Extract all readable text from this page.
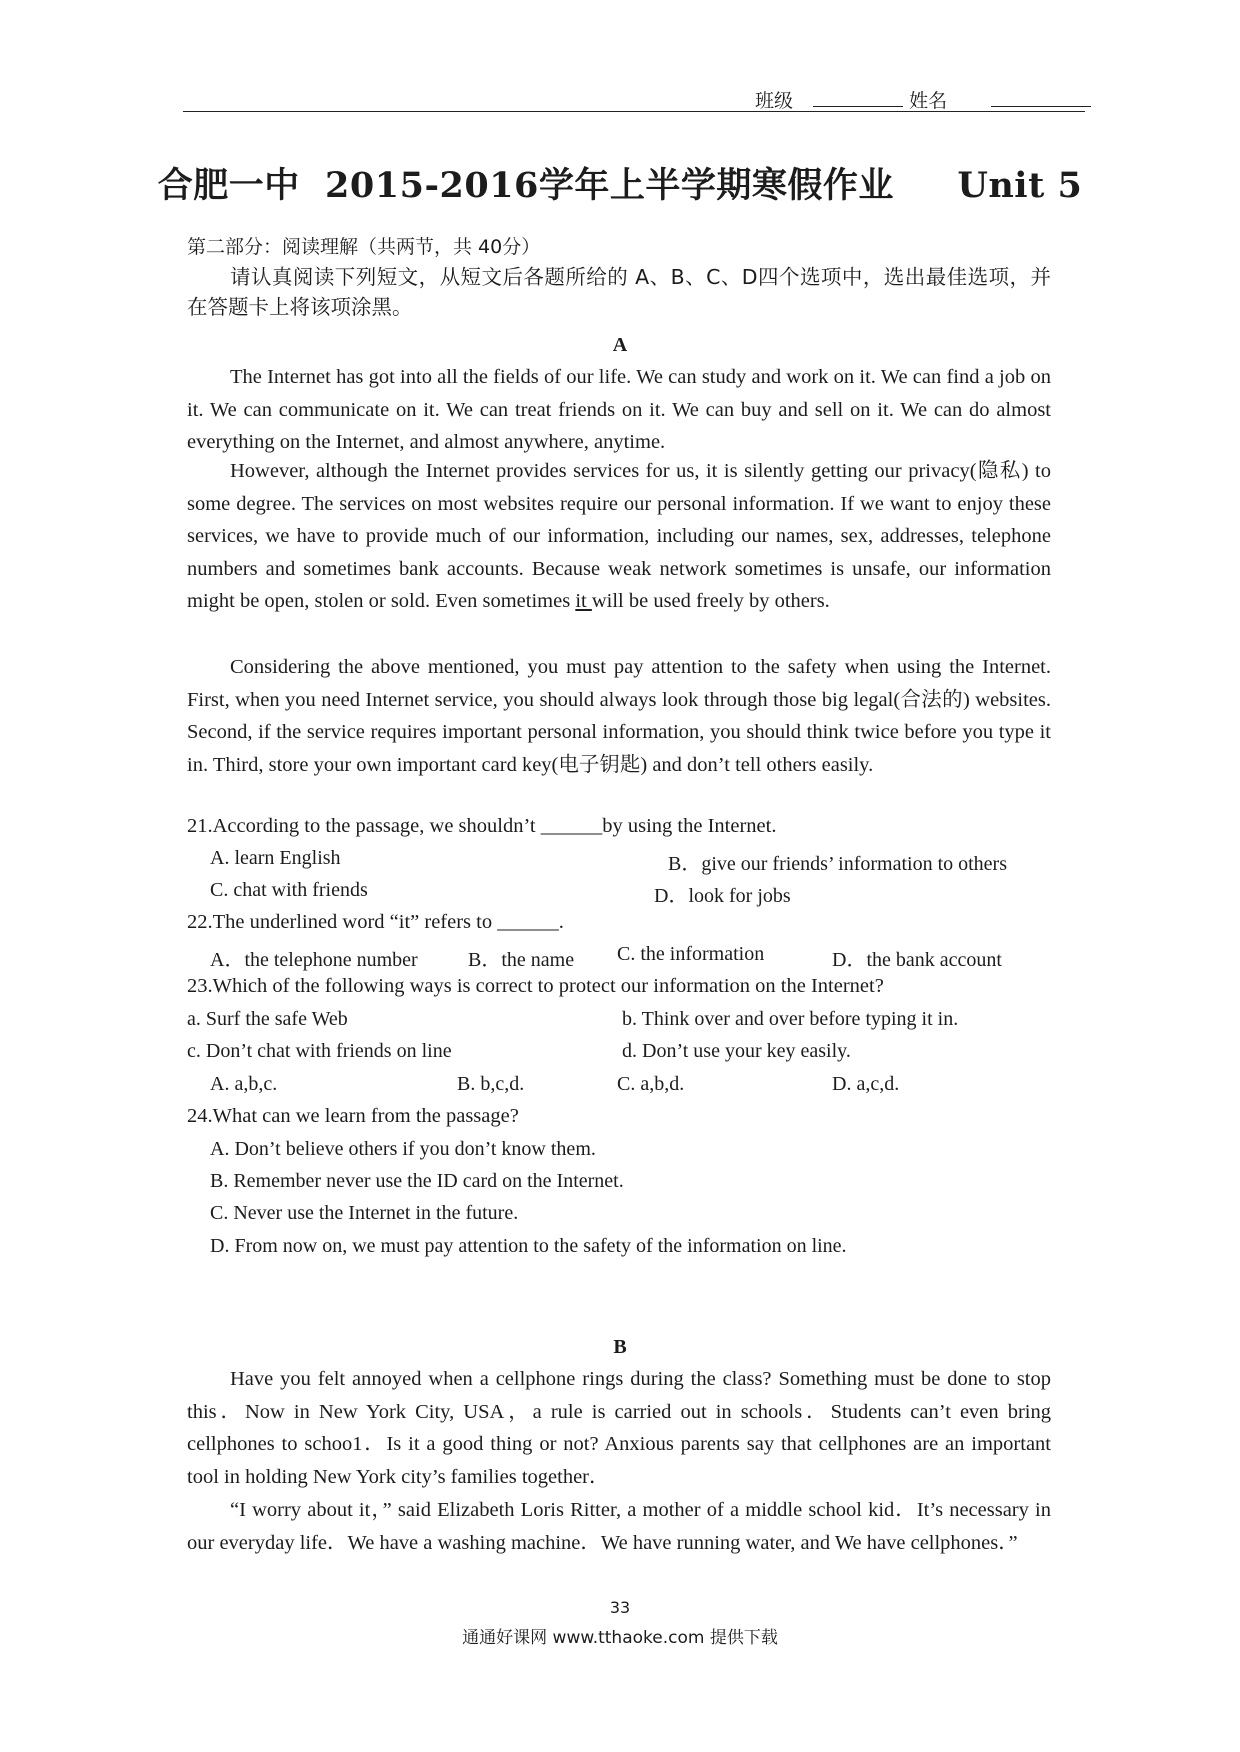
班级	姓名
合肥一中  2015-2016学年上半学期寒假作业     Unit 5
第二部分：阅读理解（共两节，共 40分）
请认真阅读下列短文，从短文后各题所给的 A、B、C、D四个选项中，选出最佳选项，并在答题卡上将该项涂黑。
A
The Internet has got into all the fields of our life. We can study and work on it. We can find a job on it. We can communicate on it. We can treat friends on it. We can buy and sell on it. We can do almost everything on the Internet, and almost anywhere, anytime.
However, although the Internet provides services for us, it is silently getting our privacy(隐私) to some degree. The services on most websites require our personal information. If we want to enjoy these services, we have to provide much of our information, including our names, sex, addresses, telephone numbers and sometimes bank accounts. Because weak network sometimes is unsafe, our information might be open, stolen or sold. Even sometimes it will be used freely by others.
Considering the above mentioned, you must pay attention to the safety when using the Internet. First, when you need Internet service, you should always look through those big legal(合法的) websites. Second, if the service requires important personal information, you should think twice before you type it in. Third, store your own important card key(电子钥匙) and don’t tell others easily.
21.According to the passage, we shouldn’t ______by using the Internet.
A. learn English	B．give our friends’ information to others
C. chat with friends	D．look for jobs
22.The underlined word “it” refers to ______.
A．the telephone number	B．the name C. the information	D．the bank account
23.Which of the following ways is correct to protect our information on the Internet?
a. Surf the safe Web	b. Think over and over before typing it in.
c. Don’t chat with friends on line	d. Don’t use your key easily.
A. a,b,c.	B. b,c,d.	C. a,b,d.	D. a,c,d.
24.What can we learn from the passage?
A. Don’t believe others if you don’t know them.
B. Remember never use the ID card on the Internet.
C. Never use the Internet in the future.
D. From now on, we must pay attention to the safety of the information on line.
B
Have you felt annoyed when a cellphone rings during the class? Something must be done to stop this．Now in New York City, USA，a rule is carried out in schools．Students can’t even bring cellphones to schoo1．Is it a good thing or not? Anxious parents say that cellphones are an important tool in holding New York city’s families together．
“I worry about it，” said Elizabeth Loris Ritter, a mother of a middle school kid．It’s necessary in our everyday life．We have a washing machine．We have running water, and We have cellphones．”
33
通通好课网 www.tthaoke.com 提供下载
